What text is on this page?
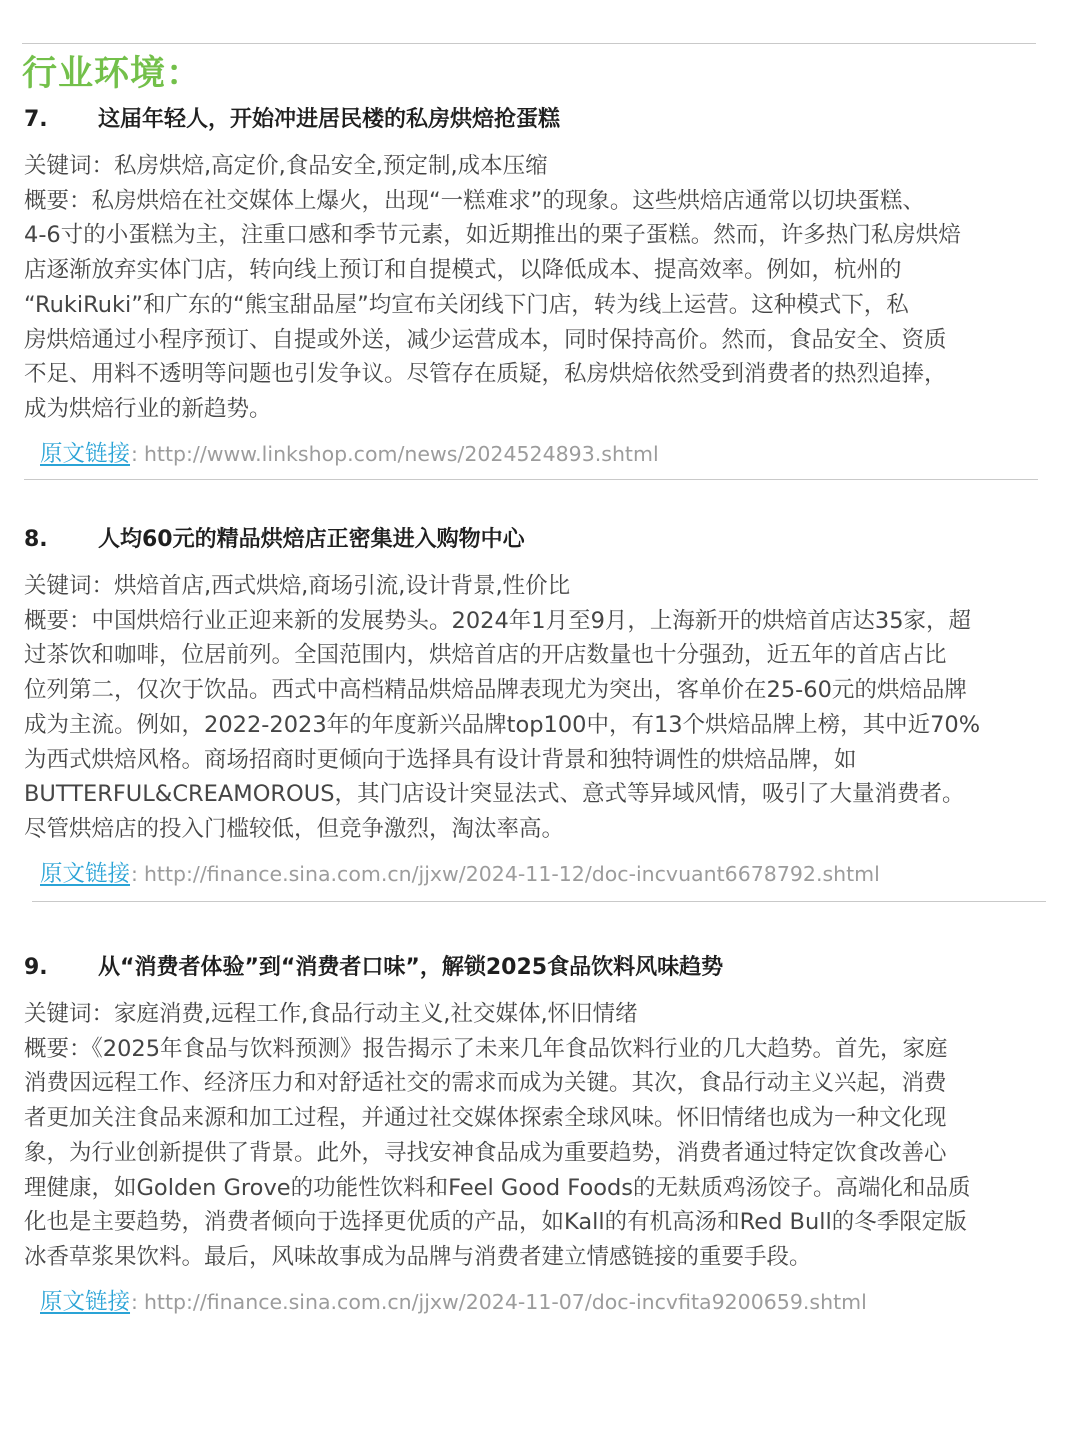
行业环境：
7.	这届年轻人，开始冲进居民楼的私房烘焙抢蛋糕
关键词：私房烘焙,高定价,食品安全,预定制,成本压缩

概要：私房烘焙在社交媒体上爆火，出现“一糕难求”的现象。这些烘焙店通常以切块蛋糕、
4-6寸的小蛋糕为主，注重口感和季节元素，如近期推出的栗子蛋糕。然而，许多热门私房烘焙
店逐渐放弃实体门店，转向线上预订和自提模式，以降低成本、提高效率。例如，杭州的
“RukiRuki”和广东的“熊宝甜品屋”均宣布关闭线下门店，转为线上运营。这种模式下，私
房烘焙通过小程序预订、自提或外送，减少运营成本，同时保持高价。然而，食品安全、资质
不足、用料不透明等问题也引发争议。尽管存在质疑，私房烘焙依然受到消费者的热烈追捧，
成为烘焙行业的新趋势。

原文链接: http://www.linkshop.com/news/2024524893.shtml
8.	人均60元的精品烘焙店正密集进入购物中心
关键词：烘焙首店,西式烘焙,商场引流,设计背景,性价比

概要：中国烘焙行业正迎来新的发展势头。2024年1月至9月，上海新开的烘焙首店达35家，超
过茶饮和咖啡，位居前列。全国范围内，烘焙首店的开店数量也十分强劲，近五年的首店占比
位列第二，仅次于饮品。西式中高档精品烘焙品牌表现尤为突出，客单价在25-60元的烘焙品牌
成为主流。例如，2022-2023年的年度新兴品牌top100中，有13个烘焙品牌上榜，其中近70%
为西式烘焙风格。商场招商时更倾向于选择具有设计背景和独特调性的烘焙品牌，如
BUTTERFUL&CREAMOROUS，其门店设计突显法式、意式等异域风情，吸引了大量消费者。
尽管烘焙店的投入门槛较低，但竞争激烈，淘汰率高。

原文链接: http://finance.sina.com.cn/jjxw/2024-11-12/doc-incvuant6678792.shtml
9.	从“消费者体验”到“消费者口味”，解锁2025食品饮料风味趋势
关键词：家庭消费,远程工作,食品行动主义,社交媒体,怀旧情绪

概要：《2025年食品与饮料预测》报告揭示了未来几年食品饮料行业的几大趋势。首先，家庭
消费因远程工作、经济压力和对舒适社交的需求而成为关键。其次，食品行动主义兴起，消费
者更加关注食品来源和加工过程，并通过社交媒体探索全球风味。怀旧情绪也成为一种文化现
象，为行业创新提供了背景。此外，寻找安神食品成为重要趋势，消费者通过特定饮食改善心
理健康，如Golden Grove的功能性饮料和Feel Good Foods的无麸质鸡汤饺子。高端化和品质
化也是主要趋势，消费者倾向于选择更优质的产品，如Kall的有机高汤和Red Bull的冬季限定版
冰香草浆果饮料。最后，风味故事成为品牌与消费者建立情感链接的重要手段。

原文链接: http://finance.sina.com.cn/jjxw/2024-11-07/doc-incvfita9200659.shtml
